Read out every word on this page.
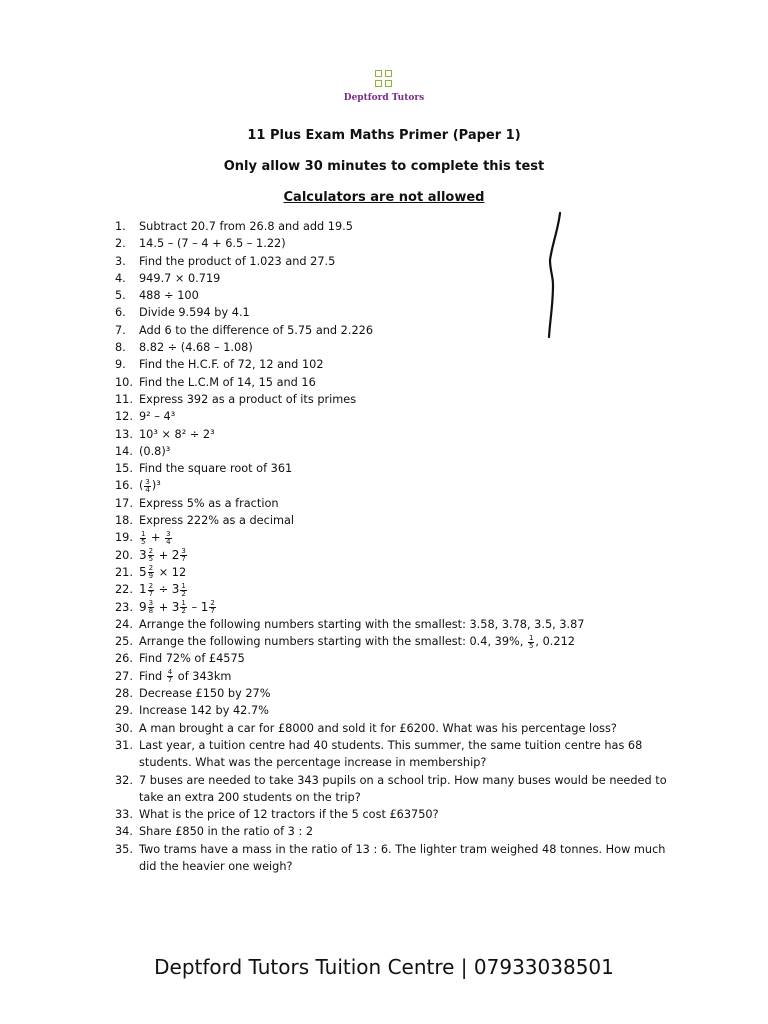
Deptford Tutors
11 Plus Exam Maths Primer (Paper 1)
Only allow 30 minutes to complete this test
Calculators are not allowed
1.	Subtract 20.7 from 26.8 and add 19.5
2.	14.5 – (7 – 4 + 6.5 – 1.22)
3.	Find the product of 1.023 and 27.5
4.	949.7 × 0.719
5.	488 ÷ 100
6.	Divide 9.594 by 4.1
7.	Add 6 to the difference of 5.75 and 2.226
8.	8.82 ÷ (4.68 – 1.08)
9.	Find the H.C.F. of 72, 12 and 102
10. Find the L.C.M of 14, 15 and 16
11. Express 392 as a product of its primes
12. 9² – 4³
13. 10³ × 8² ÷ 2³
14. (0.8)³
15. Find the square root of 361
16. ( $\frac{3}{4} )^3$
17. Express 5% as a fraction
18. Express 222% as a decimal
19.	$\frac{1}{5} + \frac{3}{4}$
20. $3 \frac{2}{5} + 2 \frac{3}{7}$
21. $5 \frac{2}{9} \times 12$
22. $1 \frac{2}{7} \div 3 \frac{1}{2}$
23. $9 \frac{3}{8} + 3 \frac{1}{2} - 1 \frac{2}{7}$
24. Arrange the following numbers starting with the smallest: 3.58, 3.78, 3.5, 3.87
25. Arrange the following numbers starting with the smallest: 0.4, 39%, $\frac{1}{5}$ , 0.212
26. Find 72% of £4575
27. Find $\frac{4}{7}$ of 343km
28. Decrease £150 by 27%
29. Increase 142 by 42.7%
30. A man brought a car for £8000 and sold it for £6200. What was his percentage loss?
31. Last year, a tuition centre had 40 students. This summer, the same tuition centre has 68 students. What was the percentage increase in membership?
32. 7 buses are needed to take 343 pupils on a school trip. How many buses would be needed to take an extra 200 students on the trip?
33. What is the price of 12 tractors if the 5 cost £63750?
34. Share £850 in the ratio of 3 : 2
35. Two trams have a mass in the ratio of 13 : 6. The lighter tram weighed 48 tonnes. How much did the heavier one weigh?
Deptford Tutors Tuition Centre | 07933038501
